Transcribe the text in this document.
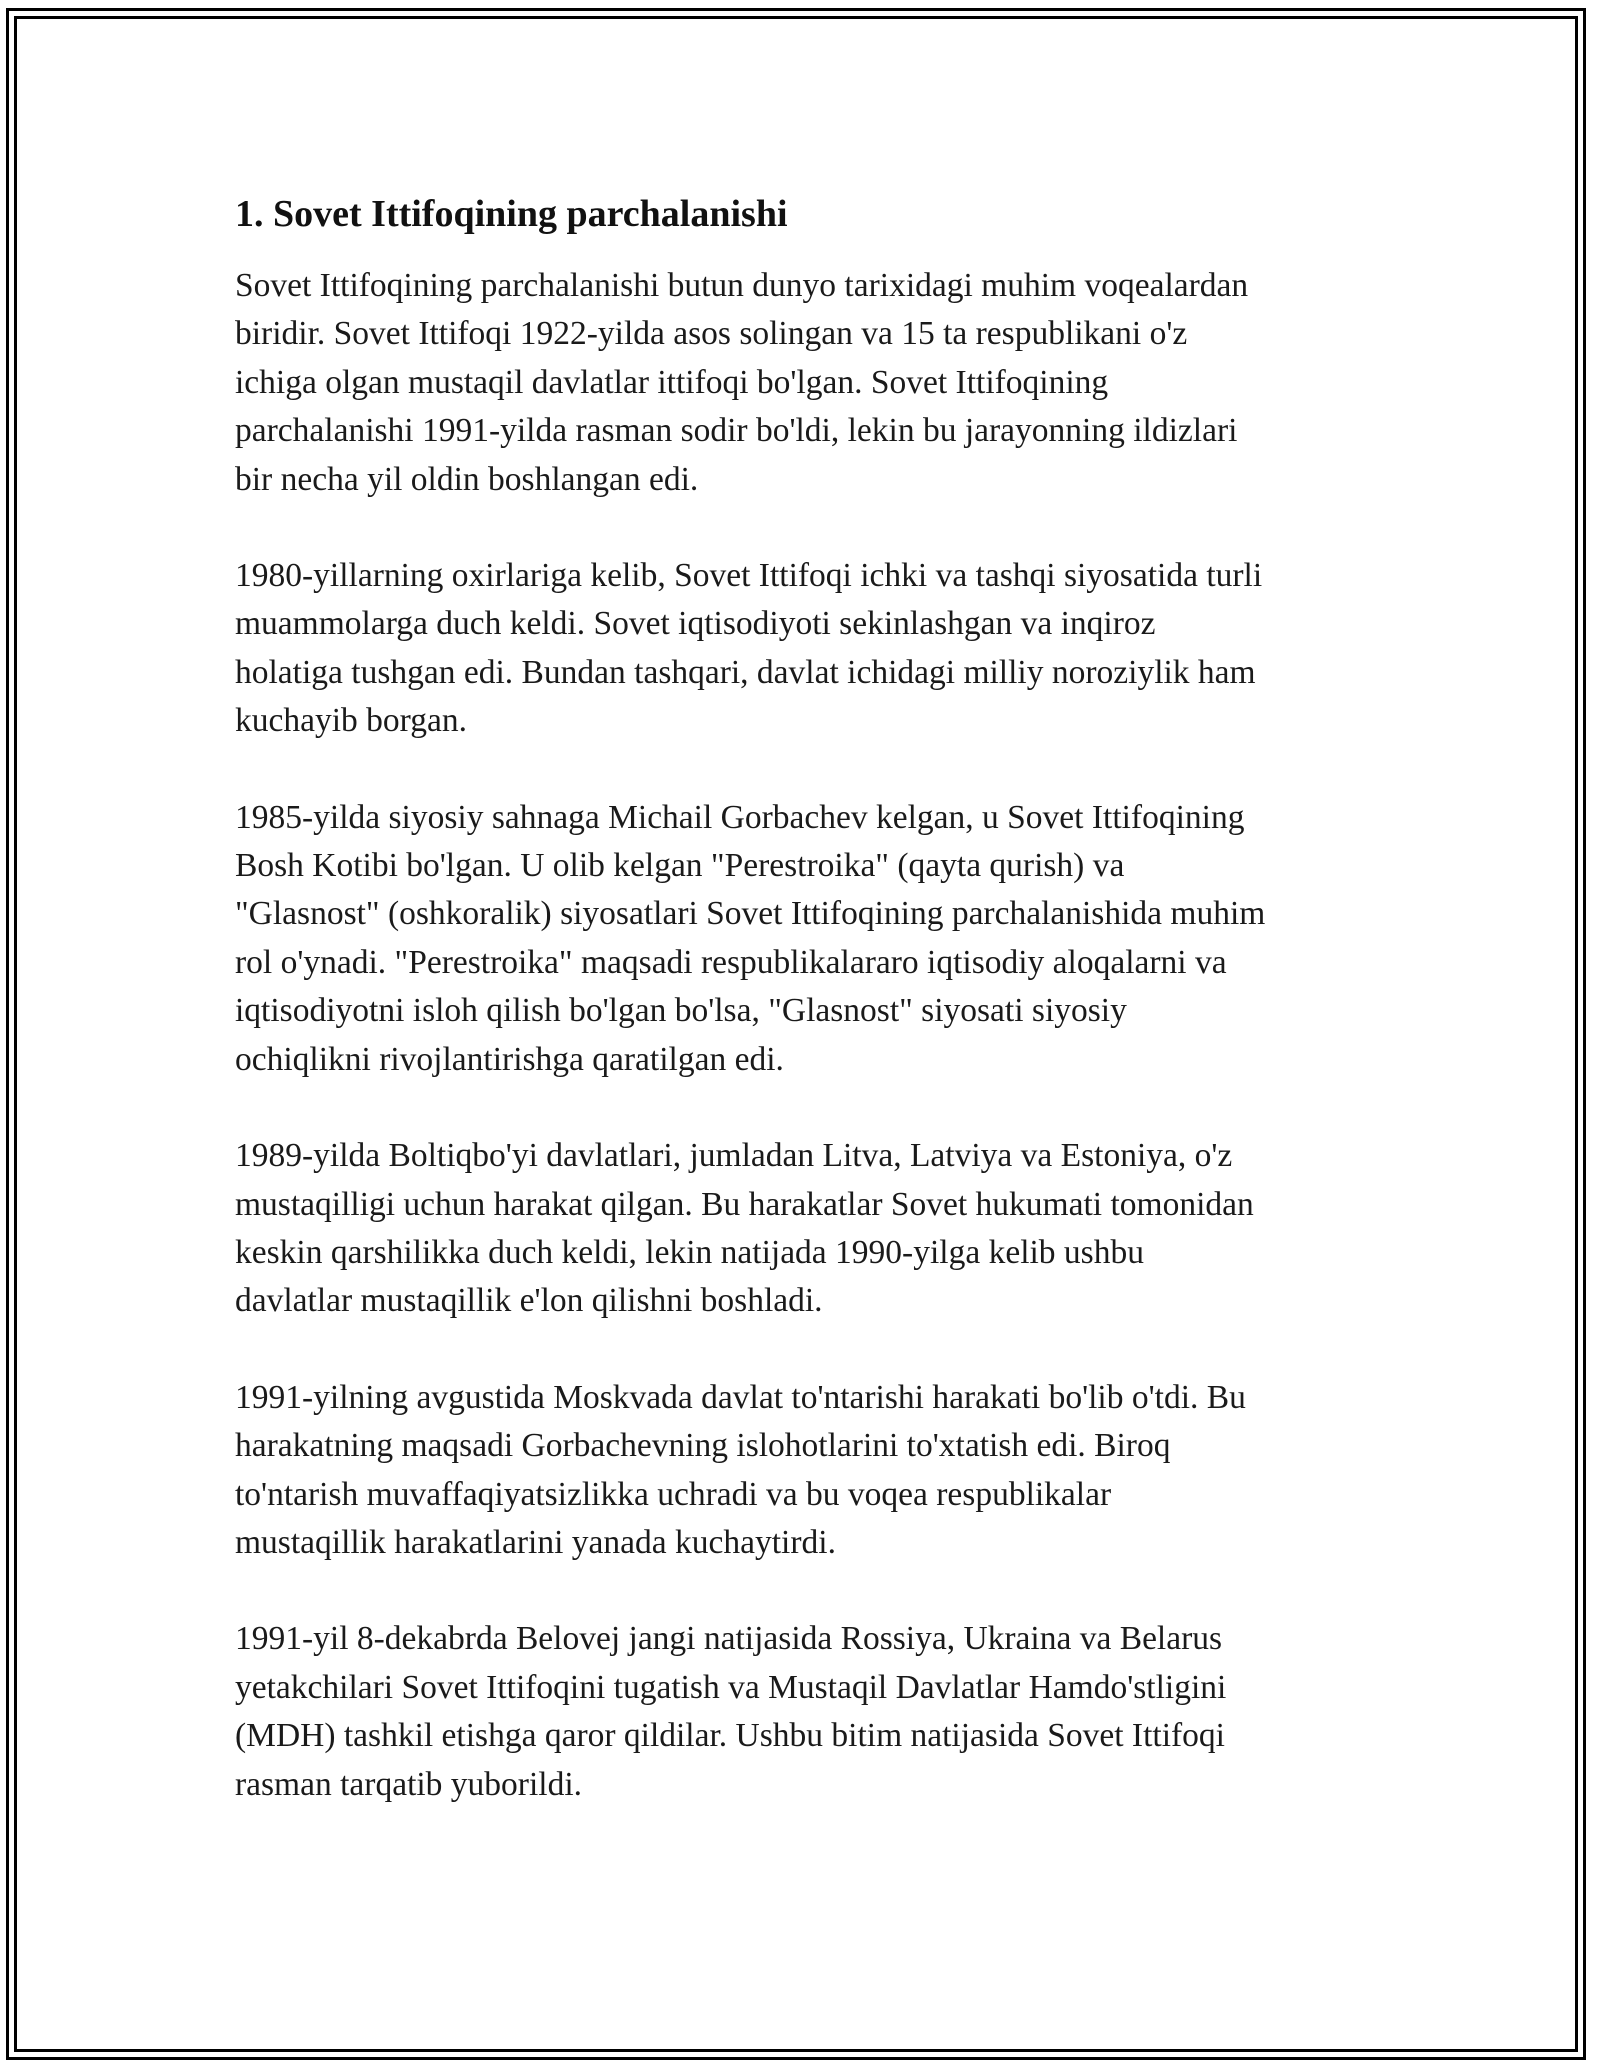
1. Sovet Ittifoqining parchalanishi

Sovet Ittifoqining parchalanishi butun dunyo tarixidagi muhim voqealardan
biridir. Sovet Ittifoqi 1922-yilda asos solingan va 15 ta respublikani o'z
ichiga olgan mustaqil davlatlar ittifoqi bo'lgan. Sovet Ittifoqining
parchalanishi 1991-yilda rasman sodir bo'ldi, lekin bu jarayonning ildizlari
bir necha yil oldin boshlangan edi.

1980-yillarning oxirlariga kelib, Sovet Ittifoqi ichki va tashqi siyosatida turli
muammolarga duch keldi. Sovet iqtisodiyoti sekinlashgan va inqiroz
holatiga tushgan edi. Bundan tashqari, davlat ichidagi milliy noroziylik ham
kuchayib borgan.

1985-yilda siyosiy sahnaga Michail Gorbachev kelgan, u Sovet Ittifoqining
Bosh Kotibi bo'lgan. U olib kelgan "Perestroika" (qayta qurish) va
"Glasnost" (oshkoralik) siyosatlari Sovet Ittifoqining parchalanishida muhim
rol o'ynadi. "Perestroika" maqsadi respublikalararo iqtisodiy aloqalarni va
iqtisodiyotni isloh qilish bo'lgan bo'lsa, "Glasnost" siyosati siyosiy
ochiqlikni rivojlantirishga qaratilgan edi.

1989-yilda Boltiqbo'yi davlatlari, jumladan Litva, Latviya va Estoniya, o'z
mustaqilligi uchun harakat qilgan. Bu harakatlar Sovet hukumati tomonidan
keskin qarshilikka duch keldi, lekin natijada 1990-yilga kelib ushbu
davlatlar mustaqillik e'lon qilishni boshladi.

1991-yilning avgustida Moskvada davlat to'ntarishi harakati bo'lib o'tdi. Bu
harakatning maqsadi Gorbachevning islohotlarini to'xtatish edi. Biroq
to'ntarish muvaffaqiyatsizlikka uchradi va bu voqea respublikalar
mustaqillik harakatlarini yanada kuchaytirdi.

1991-yil 8-dekabrda Belovej jangi natijasida Rossiya, Ukraina va Belarus
yetakchilari Sovet Ittifoqini tugatish va Mustaqil Davlatlar Hamdo'stligini
(MDH) tashkil etishga qaror qildilar. Ushbu bitim natijasida Sovet Ittifoqi
rasman tarqatib yuborildi.
